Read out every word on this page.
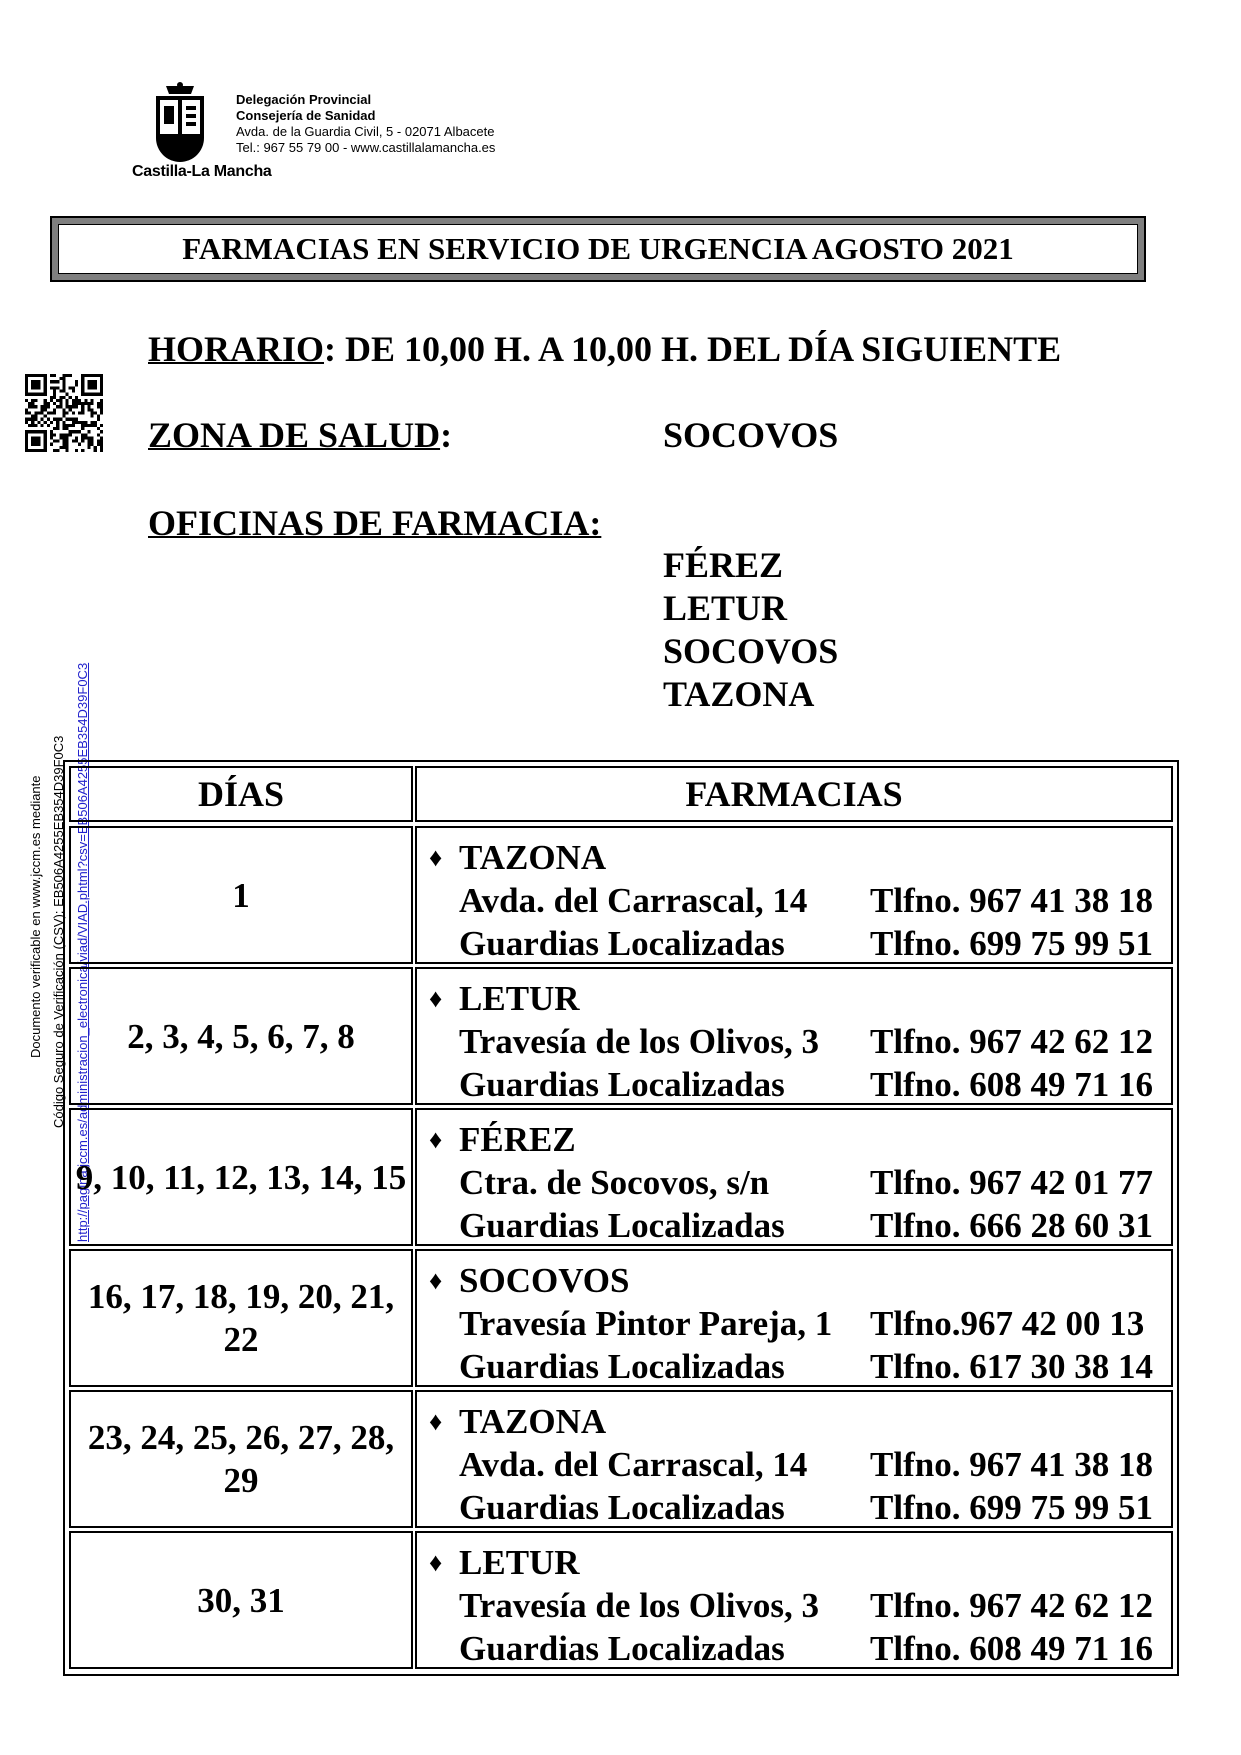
Castilla-La Mancha
Delegación Provincial
Consejería de Sanidad
Avda. de la Guardia Civil, 5 - 02071 Albacete
Tel.: 967 55 79 00 - www.castillalamancha.es
FARMACIAS EN SERVICIO DE URGENCIA AGOSTO 2021
Documento verificable en www.jccm.es mediante Código Seguro de Verificación (CSV): EB506A4255EB354D39F0C3 http://pagina.jccm.es/administracion_electronica/viad/VIAD.phtml?csv=EB506A4255EB354D39F0C3
HORARIO: DE 10,00 H. A 10,00 H. DEL DÍA SIGUIENTE
ZONA DE SALUD:	SOCOVOS
OFICINAS DE FARMACIA:
FÉREZ
LETUR
SOCOVOS
TAZONA
DÍAS	FARMACIAS
1
♦ TAZONA
Avda. del Carrascal, 14 Tlfno. 967 41 38 18
Guardias Localizadas Tlfno. 699 75 99 51
2, 3, 4, 5, 6, 7, 8
♦ LETUR
Travesía de los Olivos, 3 Tlfno. 967 42 62 12
Guardias Localizadas Tlfno. 608 49 71 16
9, 10, 11, 12, 13, 14, 15
♦ FÉREZ
Ctra. de Socovos, s/n	Tlfno. 967 42 01 77
Guardias Localizadas Tlfno. 666 28 60 31
16, 17, 18, 19, 20, 21, 22
♦ SOCOVOS
Travesía Pintor Pareja, 1 Tlfno.967 42 00 13
Guardias Localizadas Tlfno. 617 30 38 14
23, 24, 25, 26, 27, 28, 29
♦ TAZONA
Avda. del Carrascal, 14 Tlfno. 967 41 38 18
Guardias Localizadas Tlfno. 699 75 99 51
30, 31
♦ LETUR
Travesía de los Olivos, 3 Tlfno. 967 42 62 12
Guardias Localizadas Tlfno. 608 49 71 16
